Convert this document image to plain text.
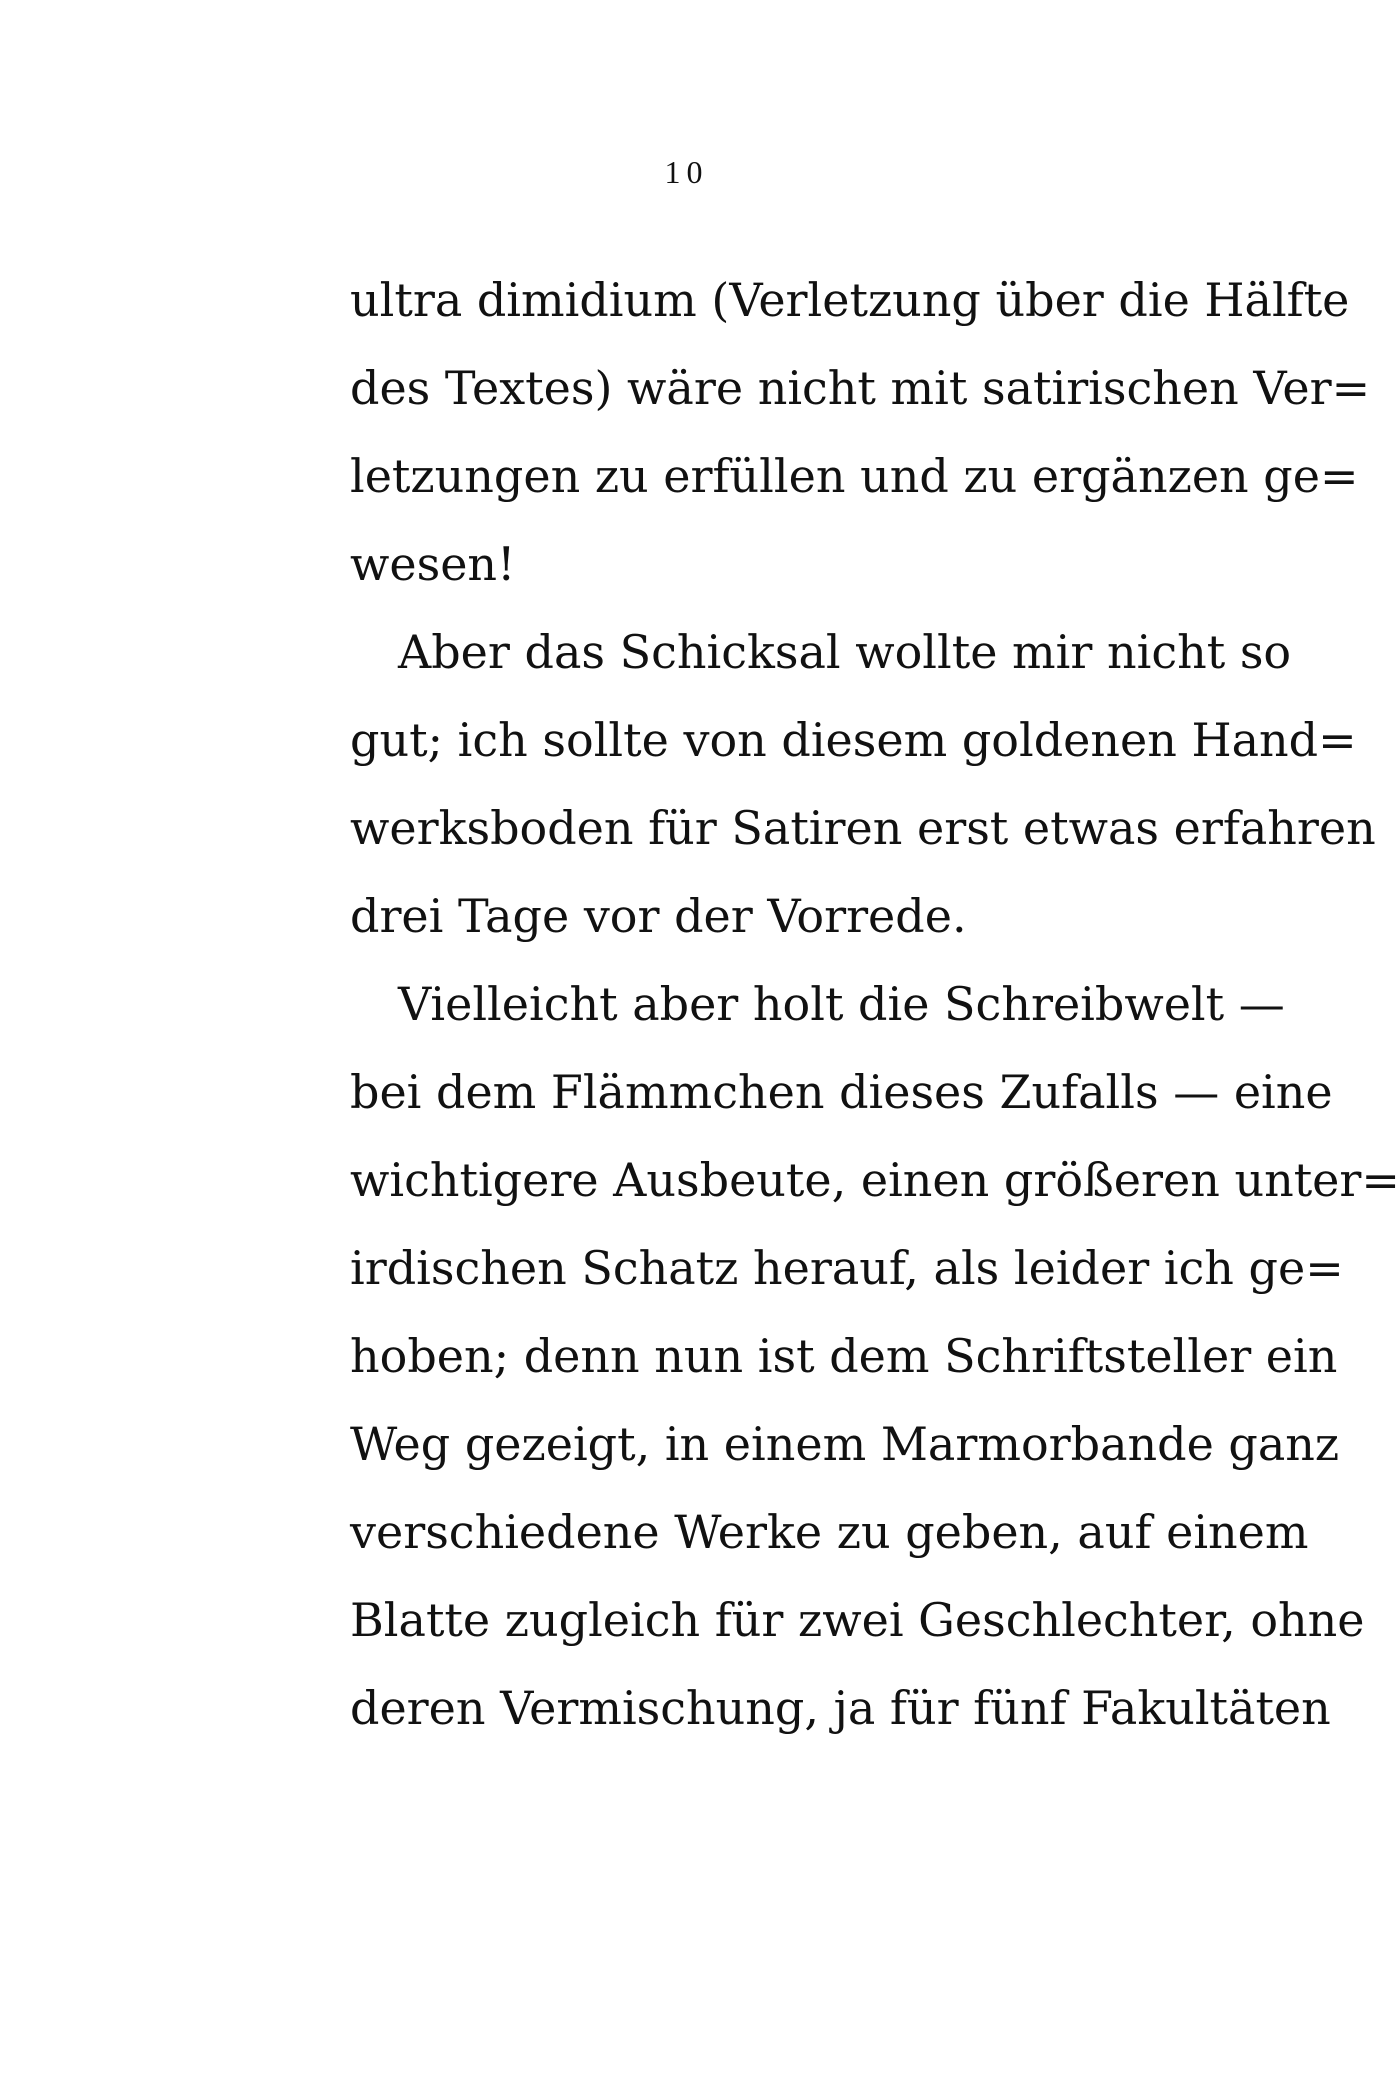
10
ultra dimidium (Verletzung über die Hälfte
des Textes) wäre nicht mit satirischen Ver=
letzungen zu erfüllen und zu ergänzen ge=
wesen!
Aber das Schicksal wollte mir nicht so
gut; ich sollte von diesem goldenen Hand=
werksboden für Satiren erst etwas erfahren
drei Tage vor der Vorrede.
Vielleicht aber holt die Schreibwelt —
bei dem Flämmchen dieses Zufalls — eine
wichtigere Ausbeute, einen größeren unter=
irdischen Schatz herauf, als leider ich ge=
hoben; denn nun ist dem Schriftsteller ein
Weg gezeigt, in einem Marmorbande ganz
verschiedene Werke zu geben, auf einem
Blatte zugleich für zwei Geschlechter, ohne
deren Vermischung, ja für fünf Fakultäten
